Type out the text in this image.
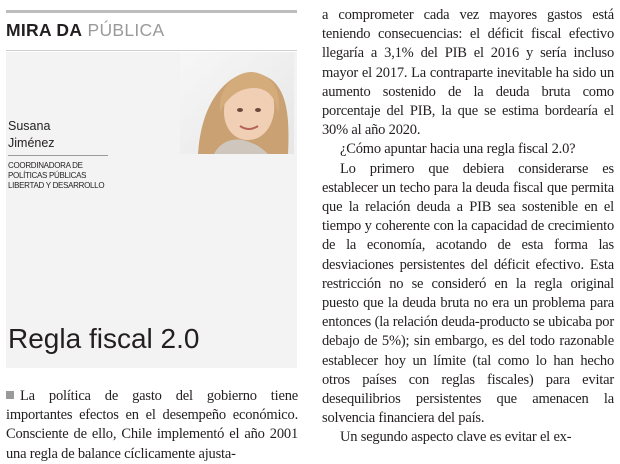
MIRA DA PÚBLICA
Susana
Jiménez
COORDINADORA DE
POLÍTICAS PÚBLICAS
LIBERTAD Y DESARROLLO
Regla fiscal 2.0

La política de gasto del gobierno tiene importantes efectos en el desempeño económico. Consciente de ello, Chile implementó el año 2001 una regla de balance cíclicamente ajusta-

a comprometer cada vez mayores gastos está teniendo consecuencias: el déficit fiscal efectivo llegaría a 3,1% del PIB el 2016 y sería incluso mayor el 2017. La contraparte inevitable ha sido un aumento sostenido de la deuda bruta como porcentaje del PIB, la que se estima bordearía el 30% al año 2020.

¿Cómo apuntar hacia una regla fiscal 2.0?

Lo primero que debiera considerarse es establecer un techo para la deuda fiscal que permita que la relación deuda a PIB sea sostenible en el tiempo y coherente con la capacidad de crecimiento de la economía, acotando de esta forma las desviaciones persistentes del déficit efectivo. Esta restricción no se consideró en la regla original puesto que la deuda bruta no era un problema para entonces (la relación deuda-producto se ubicaba por debajo de 5%); sin embargo, es del todo razonable establecer hoy un límite (tal como lo han hecho otros países con reglas fiscales) para evitar desequilibrios persistentes que amenacen la solvencia financiera del país.

Un segundo aspecto clave es evitar el ex-
